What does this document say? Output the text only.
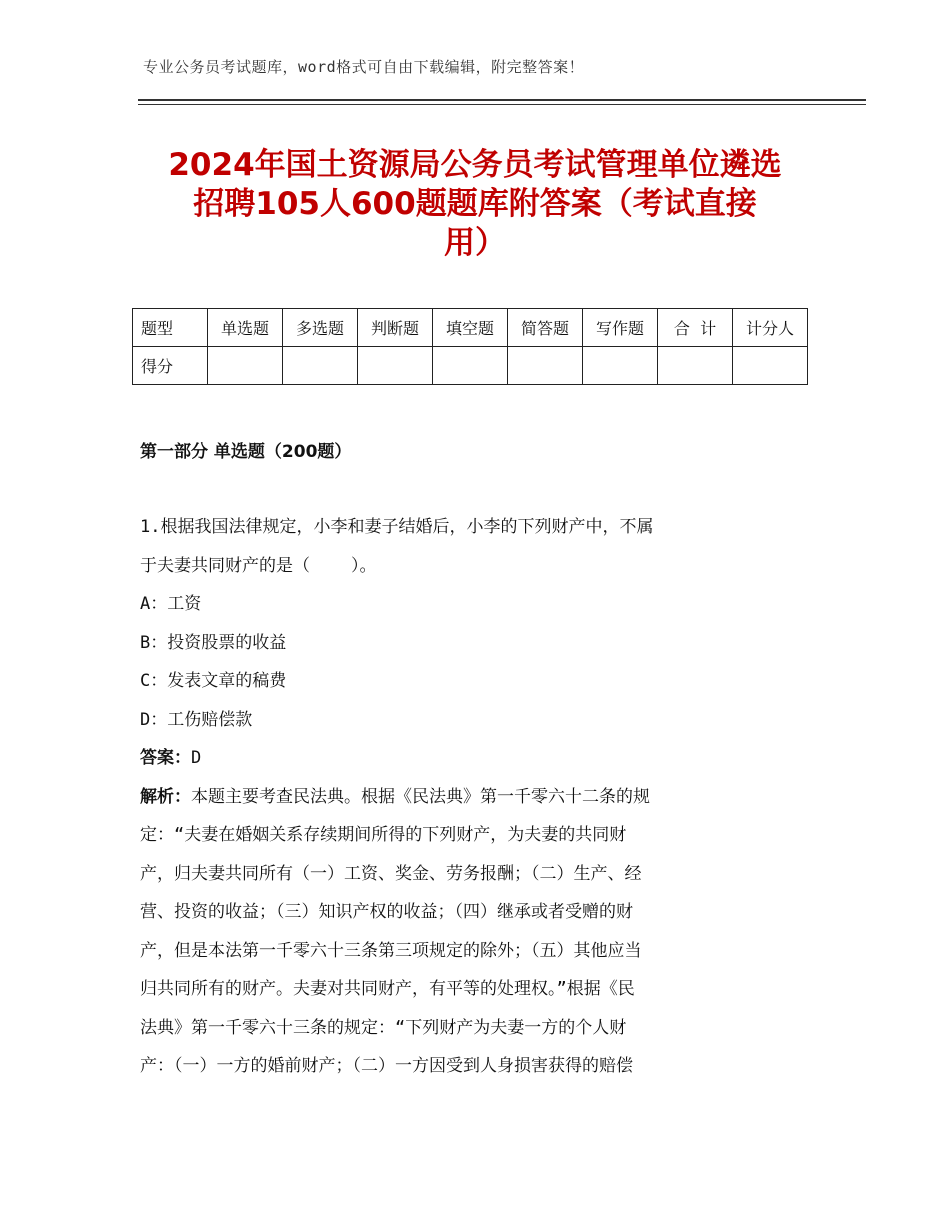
专业公务员考试题库，word格式可自由下载编辑，附完整答案！
2024年国土资源局公务员考试管理单位遴选
招聘105人600题题库附答案（考试直接
用）
题型	单选题	多选题	判断题	填空题	简答题	写作题	合  计	计分人
得分								
第一部分 单选题（200题）
1.根据我国法律规定，小李和妻子结婚后，小李的下列财产中，不属
于夫妻共同财产的是（    ）。
A：工资
B：投资股票的收益
C：发表文章的稿费
D：工伤赔偿款
答案：D
解析：本题主要考查民法典。根据《民法典》第一千零六十二条的规
定：“夫妻在婚姻关系存续期间所得的下列财产，为夫妻的共同财
产，归夫妻共同所有（一）工资、奖金、劳务报酬；（二）生产、经
营、投资的收益；（三）知识产权的收益；（四）继承或者受赠的财
产，但是本法第一千零六十三条第三项规定的除外；（五）其他应当
归共同所有的财产。夫妻对共同财产，有平等的处理权。”根据《民
法典》第一千零六十三条的规定：“下列财产为夫妻一方的个人财
产：（一）一方的婚前财产；（二）一方因受到人身损害获得的赔偿
